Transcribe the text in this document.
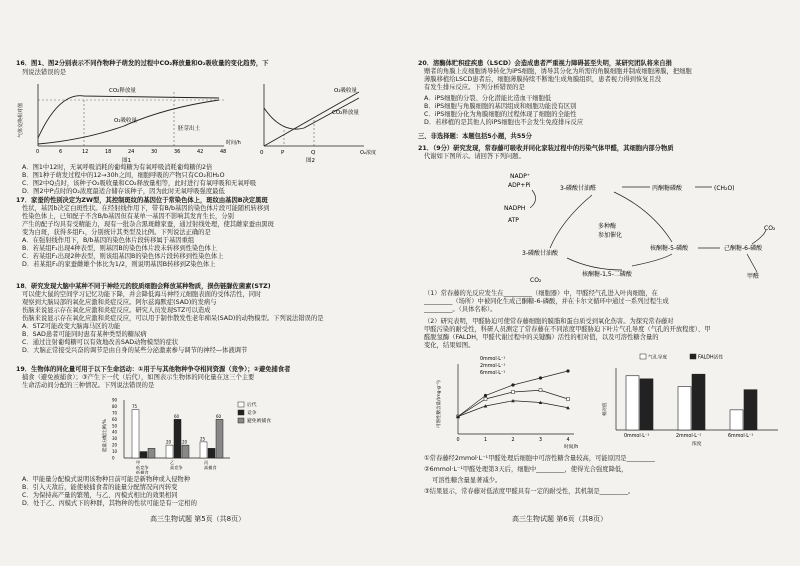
16．图1、图2分别表示不同作物种子萌发的过程中CO₂释放量和O₂吸收量的变化趋势，下
列说法错误的是
CO₂释放量
O₂吸收量
胚芽出土
时间/h
气体交换相对值
0	6	12	18	24	30	36	42	48
图1
O₂吸收量
CO₂释放量
P	Q
0	O₂浓度
图2
A．图1中12时，无氧呼吸消耗的葡萄糖为有氧呼吸消耗葡萄糖的2倍
B．图1种子萌发过程中的12→30h之间，细胞呼吸的产物只有CO₂和H₂O
C．图2中Q点时，该种子O₂吸收量和CO₂释放量相等，此时进行有氧呼吸和无氧呼吸
D．图2中P点时的O₂浓度最适合储存该种子，因为此时无氧呼吸强度最低
17．家蚕的性别决定为ZW型，其控制斑纹的基因位于常染色体上，斑纹由基因B决定黑斑
性状，基因b决定白斑性状。在经射线作用下，带有B/b基因的染色体片段可能随机转移到
性染色体上，已知配子不含B/b基因但有某单一基因不影响其发育生长，分别
产生的配子均具有受精能力，现有一批杂合黑斑雌家蚕，通过射线处理，使其雌家蚕由黑斑
变为白斑，获得多组F₁，分别统计其类型及比例。下列说法正确的是
A．在强射线作用下，B/b基因的染色体片段转移属于基因重组
B．若某组F₁出现4种表型，则基因B的染色体片段未转移到性染色体上
C．若某组F₁出现2种表型，则该组基因B的染色体片段转移到性染色体上
D．若某组F₁的家蚕雌雄个体比为1/2，则说明基因B转移到Z染色体上
18．研究发现大脑中某种不同于神经元的胶质细胞会释放某种物质，损伤链脲佐菌素(STZ)
可以使大鼠的空间学习记忆功能下降，并会降低海马神经元细胞表面的受体活性，同时
观察到大脑局部的氧化应激和炎症反应。阿尔兹海默症(SAD)的发病与
伤脑来说显示存在氧化应激和炎症反应。研究人员发现STZ可以造成
伤脑来说显示存在氧化应激和炎症反应，可以用于制作散发性老年痴呆(SAD)的动物模型。下列说法错误的是
A．STZ可能改变大脑海马区的功能
B．SAD患者可能同时患有某种类型的糖尿病
C．通过注射葡萄糖可以有效地改善SAD动物模型的症状
D．大脑正常接受兴奋的调节是由自身的某些分泌激素参与调节的神经—体液调节
19．生物体的同化量可用于以下生命活动：①用于与其他物种争夺相同资源（竞争）；②避免捕食者
捕食（避免被捕食）；③产生下一代（后代），如图表示生物体的同化量在这三个主要
生命活动间分配的三种情况。下列说法错误的是
能量分配比例/%
0
10
20
30
40
50
60
70
80
90
75
甲
低竞争
低捕食
20
60
20
乙
高竞争
25
60
丙
高捕食
后代
竞争
避免被捕食
A．甲能量分配模式说明该物种目前可能是新物种或入侵物种
B．引入天敌后，能使被捕食者的能量分配情况向丙转变
C．为保持高产量的繁殖，与乙、丙模式相比的效果相同
D．处于乙、丙模式下的种群，其物种的性状可能是有一定相的
高三生物试题 第5页（共8页）
20．溶酶体贮积症疾患（LSCD）会造成患者严重视力障碍甚至失明，某研究团队将来自捐
赠者的角膜上皮细胞诱导转化为iPS细胞，诱导其分化为所需的角膜细胞并制成细胞薄膜，把细胞
薄膜移植给LSCD患者后，细胞薄膜持续不断地生成角膜组织，患者视力得到恢复且没
有发生排斥反应。下列分析错误的是
A．iPS细胞的分裂、分化潜能比造血干细胞低
B．iPS细胞与角膜细胞的基因组成和细胞功能没有区别
C．iPS细胞分化为角膜细胞的过程体现了细胞的全能性
D．若移植的是其他人的iPS细胞也不会发生免疫排斥反应
三、非选择题：本题包括5小题，共55分
21．（9分）研究发现，常春藤可吸收并同化家装过程中的污染气体甲醛，其细胞内部分物质
代谢如下图所示。请回答下列问题。
NADP⁺
ADP+Pi
NADPH
ATP
3-磷酸甘油醛
3-磷酸甘油酸
多种酶
参加催化
核酮糖-1,5-二磷酸
CO₂
丙酮糖磷酸	(CH₂O)
核酮糖-5-磷酸	己酮糖-6-磷酸
CO₂
甲醛
（1）常春藤的光反应发生在_________（细胞器）中，甲醛经气孔进入叶肉细胞，在
_________（场所）中被同化生成己酮糖-6-磷酸，并在卡尔文循环中通过一系列过程生成
_________。（具体名称）。
（2）研究表明，甲醛胁迫可使常春藤细胞的膜脂和蛋白质受到氧化伤害。为探究常春藤对
甲醛污染的耐受性，科研人员测定了常春藤在不同浓度甲醛胁迫下叶片气孔导度（气孔的开放程度）、甲
醛脱氢酶（FALDH，甲醛代谢过程中的关键酶）活性的相对值，以及可溶性糖含量的
变化，结果如图。
可溶性糖含量/(mg·g⁻¹)
0	1	2	3	4
时间/h
0mmol·L⁻¹
2mmol·L⁻¹
6mmol·L⁻¹
相对值
0mmol·L⁻¹	2mmol·L⁻¹	6mmol·L⁻¹
浓度
气孔导度	FALDH活性
①常春藤经2mmol·L⁻¹甲醛处理后细胞中可溶性糖含量较高，可能原因是_________
②6mmol·L⁻¹甲醛处理第3天后，细胞中_________，使得光合强度降低，
可溶性糖含量显著减少。
③结果显示，常春藤对低浓度甲醛具有一定的耐受性，其机制是_________。
高三生物试题 第6页（共8页）
